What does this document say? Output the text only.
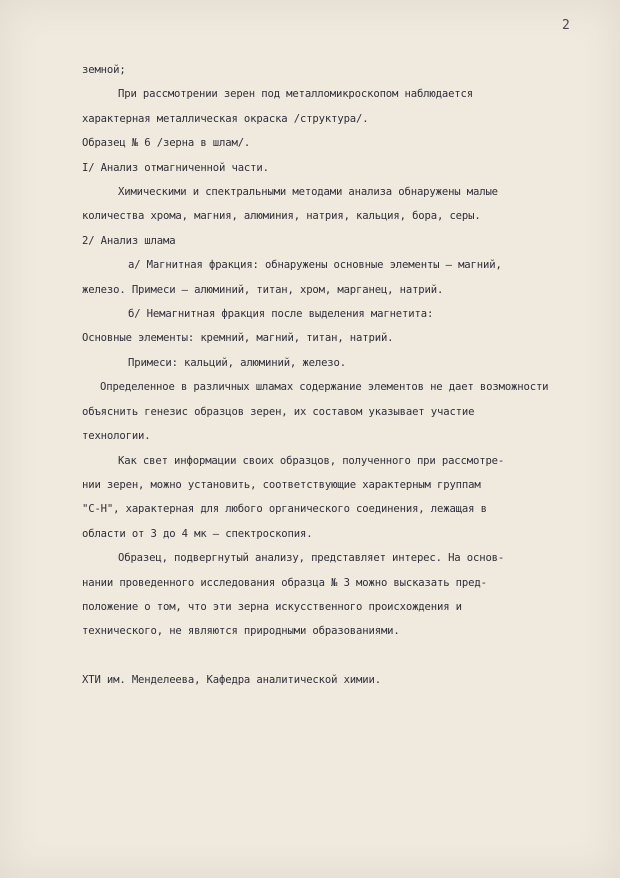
2
земной;
При рассмотрении зерен под металломикроскопом наблюдается
характерная металлическая окраска /структура/.
Образец № 6 /зерна в шлам/.
I/ Анализ отмагниченной части.
Химическими и спектральными методами анализа обнаружены малые
количества хрома, магния, алюминия, натрия, кальция, бора, серы.
2/ Анализ шлама
а/ Магнитная фракция: обнаружены основные элементы – магний,
железо. Примеси – алюминий, титан, хром, марганец, натрий.
б/ Немагнитная фракция после выделения магнетита:
Основные элементы: кремний, магний, титан, натрий.
Примеси: кальций, алюминий, железо.
Определенное в различных шламах содержание элементов не дает возможности
объяснить генезис образцов зерен, их составом указывает участие
технологии.
Как свет информации своих образцов, полученного при рассмотре-
нии зерен, можно установить, соответствующие характерным группам
"С-Н", характерная для любого органического соединения, лежащая в
области от 3 до 4 мк – спектроскопия.
Образец, подвергнутый анализу, представляет интерес. На основ-
нании проведенного исследования образца № 3 можно высказать пред-
положение о том, что эти зерна искусственного происхождения и
технического, не являются природными образованиями.
ХТИ им. Менделеева, Кафедра аналитической химии.
